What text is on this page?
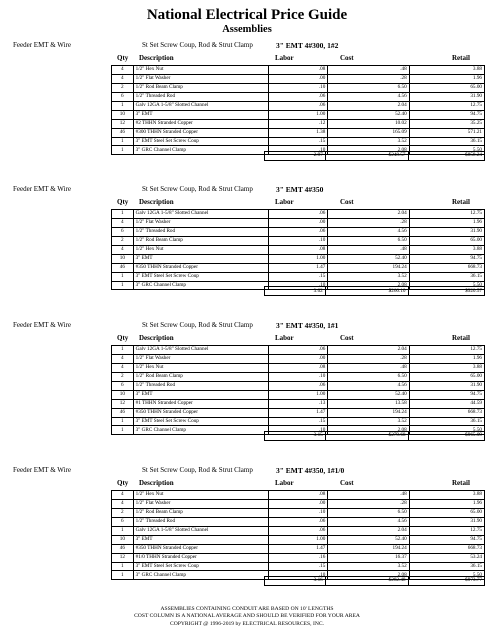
National Electrical Price Guide
Assemblies
Feeder EMT & Wire	St Set Screw Coup, Rod & Strut Clamp	3" EMT 4#300, 1#2
Qty Description	Labor	Cost	Retail
4	1/2" Hex Nut	.08	.48	3.88
4	1/2" Flat Washer	.00	.28	1.96
2	1/2" Rod Beam Clamp	.10	6.50	65.00
6	1/2" Threaded Rod	.06	4.56	31.90
1	Galv 12GA 1-5/8" Slotted Channel	.06	2.04	12.75
10	3" EMT	1.00	52.40	94.75
12	#2 THHN Stranded Copper	.12	10.02	35.25
46	#300 THHN Stranded Copper	1.38	165.09	571.21
1	3" EMT Steel Set Screw Coup	.15	3.52	36.15
1	3" GRC Channel Clamp	.10	2.08	5.50
2.97	$248.57	$858.24
Feeder EMT & Wire	St Set Screw Coup, Rod & Strut Clamp	3" EMT 4#350
Qty Description	Labor	Cost	Retail
1	Galv 12GA 1-5/8" Slotted Channel	.06	2.04	12.75
4	1/2" Flat Washer	.00	.28	1.96
6	1/2" Threaded Rod	.06	4.56	31.90
2	1/2" Rod Beam Clamp	.10	6.50	65.00
4	1/2" Hex Nut	.08	.48	3.88
10	3" EMT	1.00	52.40	94.75
46	#350 THHN Stranded Copper	1.47	194.24	668.73
1	3" EMT Steel Set Screw Coup	.15	3.52	36.15
1	3" GRC Channel Clamp	.10	2.08	5.50
3.02	$266.10	$920.57
Feeder EMT & Wire	St Set Screw Coup, Rod & Strut Clamp	3" EMT 4#350, 1#1
Qty Description	Labor	Cost	Retail
1	Galv 12GA 1-5/8" Slotted Channel	.06	2.04	12.75
4	1/2" Flat Washer	.00	.28	1.96
4	1/2" Hex Nut	.08	.48	3.88
2	1/2" Rod Beam Clamp	.10	6.50	65.00
6	1/2" Threaded Rod	.06	4.56	31.90
10	3" EMT	1.00	52.40	94.75
12	#1 THHN Stranded Copper	.13	13.58	44.59
46	#350 THHN Stranded Copper	1.47	194.24	668.73
1	3" EMT Steel Set Screw Coup	.15	3.52	36.15
1	3" GRC Channel Clamp	.10	2.08	5.50
3.15	$279.68	$965.09
Feeder EMT & Wire	St Set Screw Coup, Rod & Strut Clamp	3" EMT 4#350, 1#1/0
Qty Description	Labor	Cost	Retail
4	1/2" Hex Nut	.08	.48	3.88
4	1/2" Flat Washer	.00	.28	1.96
2	1/2" Rod Beam Clamp	.10	6.50	65.00
6	1/2" Threaded Rod	.06	4.56	31.90
1	Galv 12GA 1-5/8" Slotted Channel	.06	2.04	12.75
10	3" EMT	1.00	52.40	94.75
46	#350 THHN Stranded Copper	1.47	194.24	668.73
12	#1/0 THHN Stranded Copper	.16	16.37	53.24
1	3" EMT Steel Set Screw Coup	.15	3.52	36.15
1	3" GRC Channel Clamp	.10	2.08	5.50
3.16	$282.48	$973.77
ASSEMBLIES CONTAINING CONDUIT ARE BASED ON 10' LENGTHS
COST COLUMN IS A NATIONAL AVERAGE AND SHOULD BE VERIFIED FOR YOUR AREA
COPYRIGHT @ 1996-2019 by ELECTRICAL RESOURCES, INC.
